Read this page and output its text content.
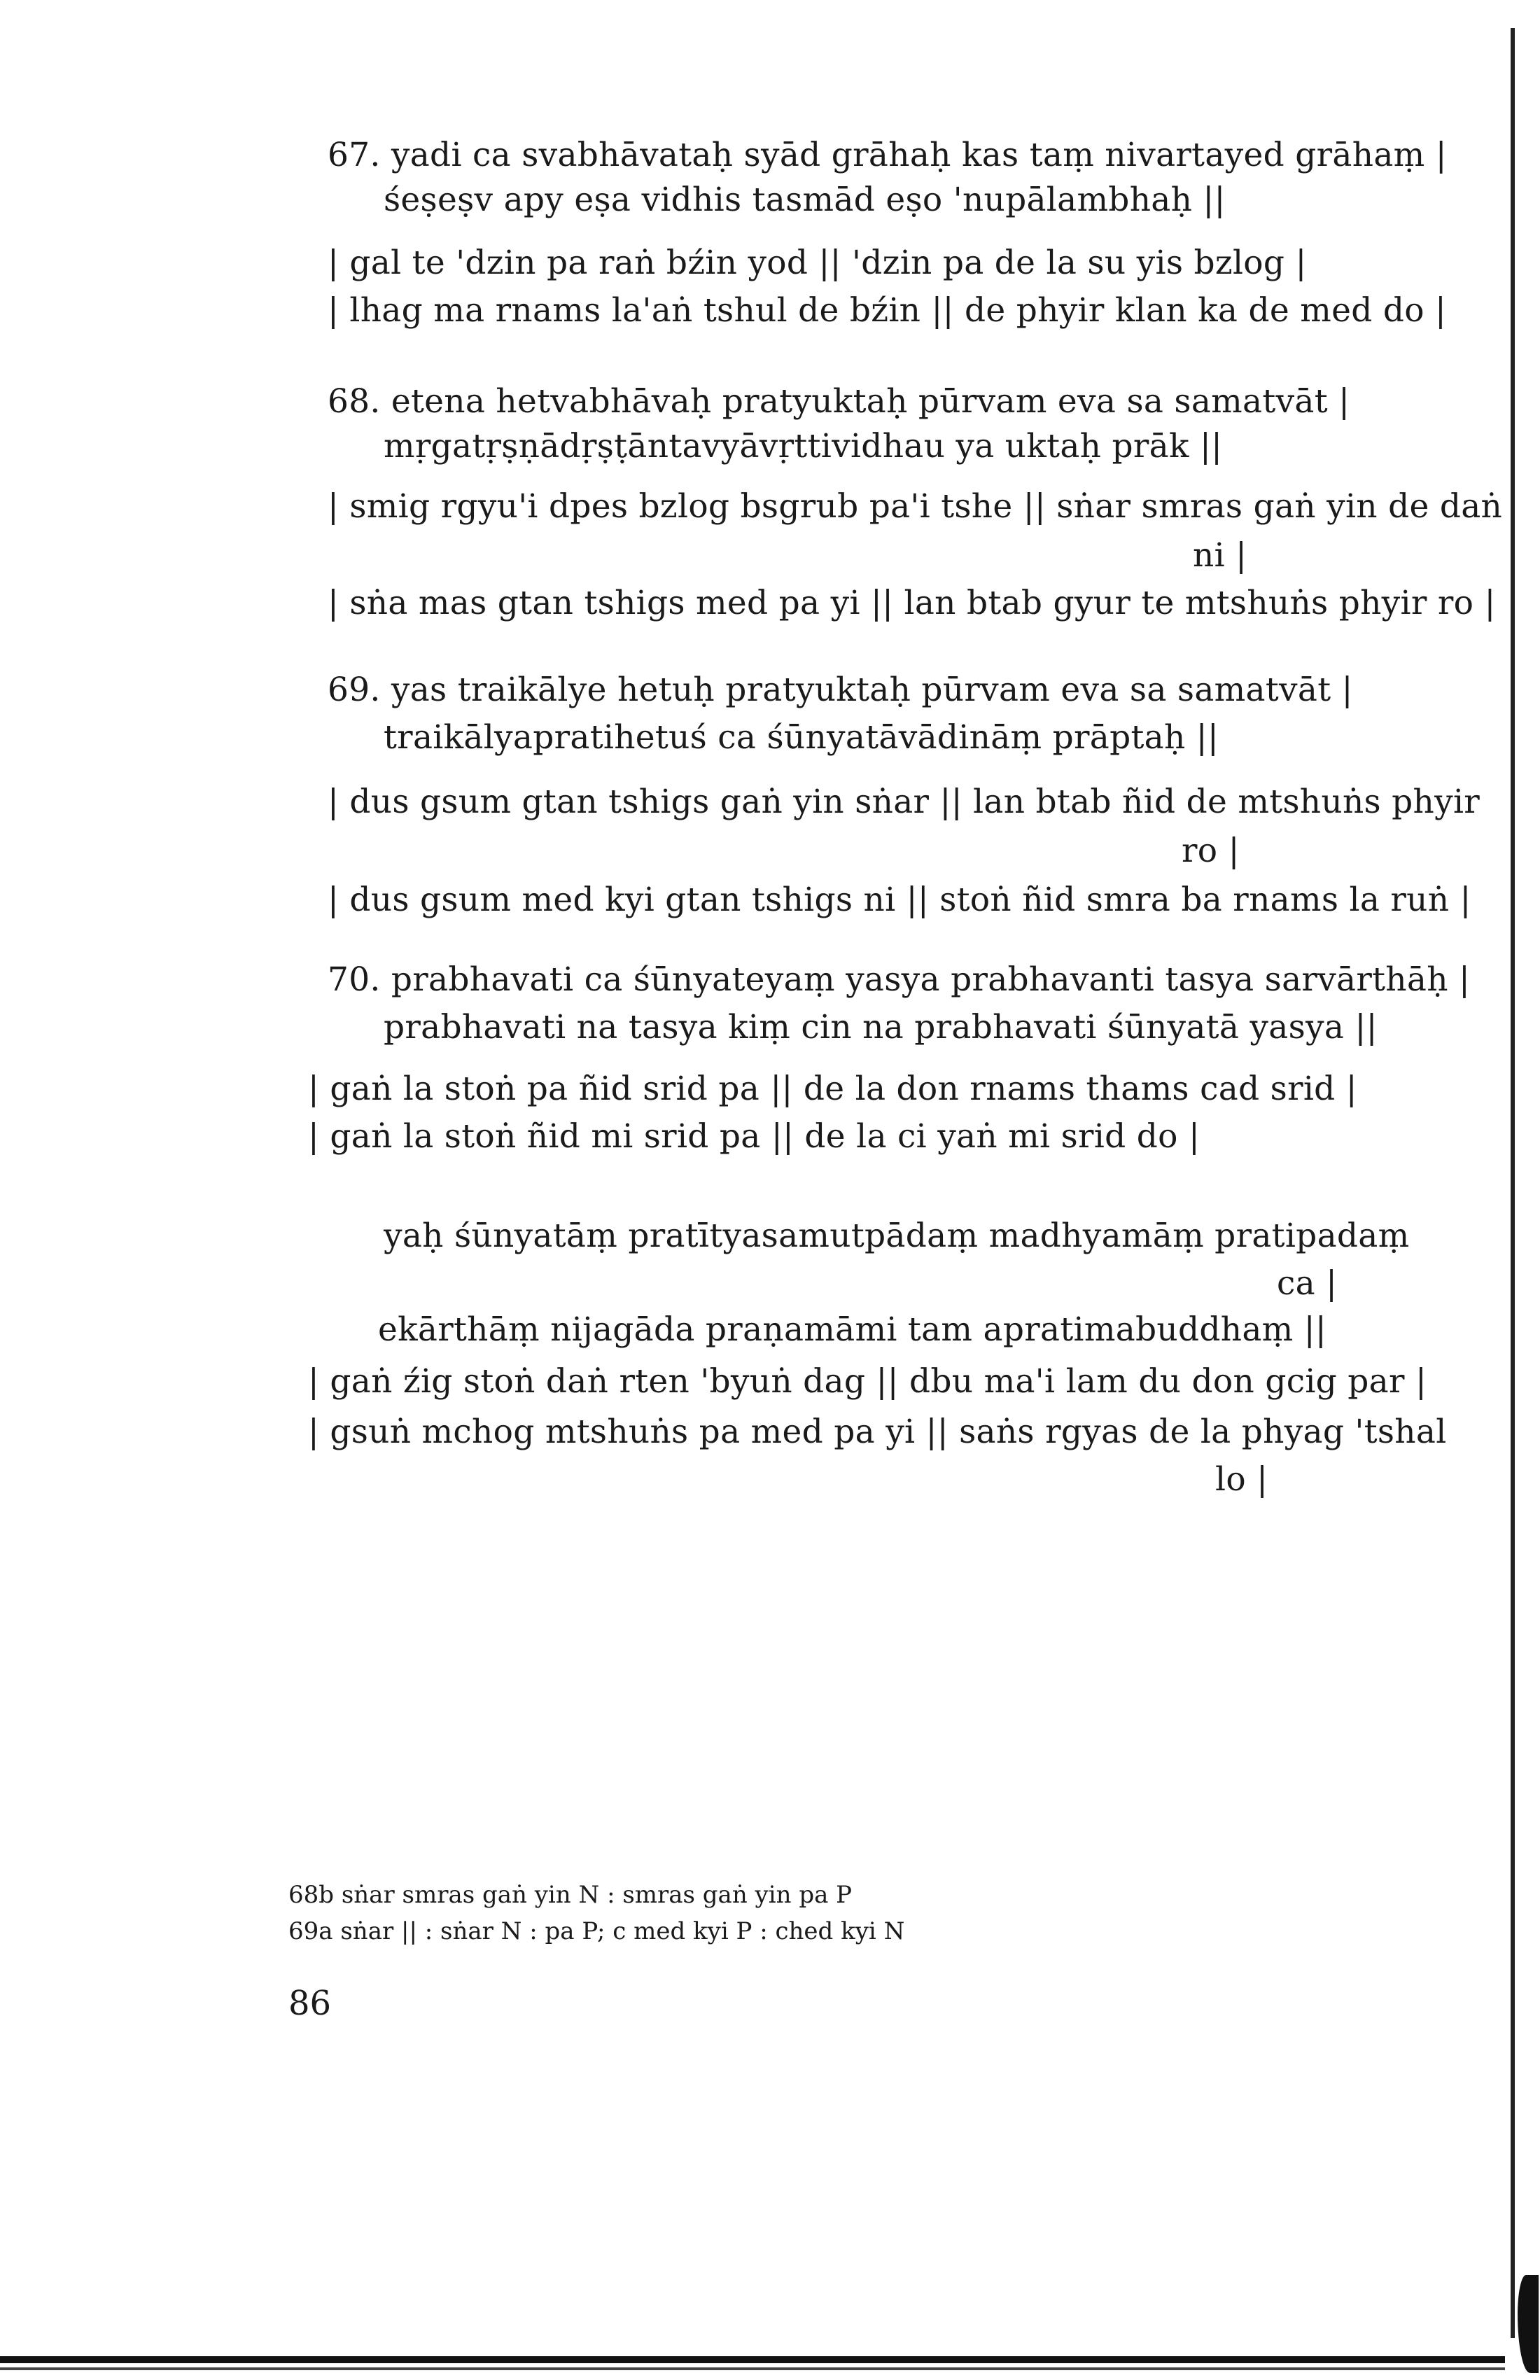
67. yadi ca svabhāvataḥ syād grāhaḥ kas taṃ nivartayed grāhaṃ |
śeṣeṣv apy eṣa vidhis tasmād eṣo 'nupālambhaḥ ||
| gal te 'dzin pa raṅ bźin yod || 'dzin pa de la su yis bzlog |
| lhag ma rnams la'aṅ tshul de bźin || de phyir klan ka de med do |
68. etena hetvabhāvaḥ pratyuktaḥ pūrvam eva sa samatvāt |
mṛgatṛṣṇādṛṣṭāntavyāvṛttividhau ya uktaḥ prāk ||
| smig rgyu'i dpes bzlog bsgrub pa'i tshe || sṅar smras gaṅ yin de daṅ
ni |
| sṅa mas gtan tshigs med pa yi || lan btab gyur te mtshuṅs phyir ro |
69. yas traikālye hetuḥ pratyuktaḥ pūrvam eva sa samatvāt |
traikālyapratihetuś ca śūnyatāvādināṃ prāptaḥ ||
| dus gsum gtan tshigs gaṅ yin sṅar || lan btab ñid de mtshuṅs phyir
ro |
| dus gsum med kyi gtan tshigs ni || stoṅ ñid smra ba rnams la ruṅ |
70. prabhavati ca śūnyateyaṃ yasya prabhavanti tasya sarvārthāḥ |
prabhavati na tasya kiṃ cin na prabhavati śūnyatā yasya ||
| gaṅ la stoṅ pa ñid srid pa || de la don rnams thams cad srid |
| gaṅ la stoṅ ñid mi srid pa || de la ci yaṅ mi srid do |
yaḥ śūnyatāṃ pratītyasamutpādaṃ madhyamāṃ pratipadaṃ
ca |
ekārthāṃ nijagāda praṇamāmi tam apratimabuddhaṃ ||
| gaṅ źig stoṅ daṅ rten 'byuṅ dag || dbu ma'i lam du don gcig par |
| gsuṅ mchog mtshuṅs pa med pa yi || saṅs rgyas de la phyag 'tshal
lo |
68b sṅar smras gaṅ yin N : smras gaṅ yin pa P
69a sṅar || : sṅar N : pa P; c med kyi P : ched kyi N
86
